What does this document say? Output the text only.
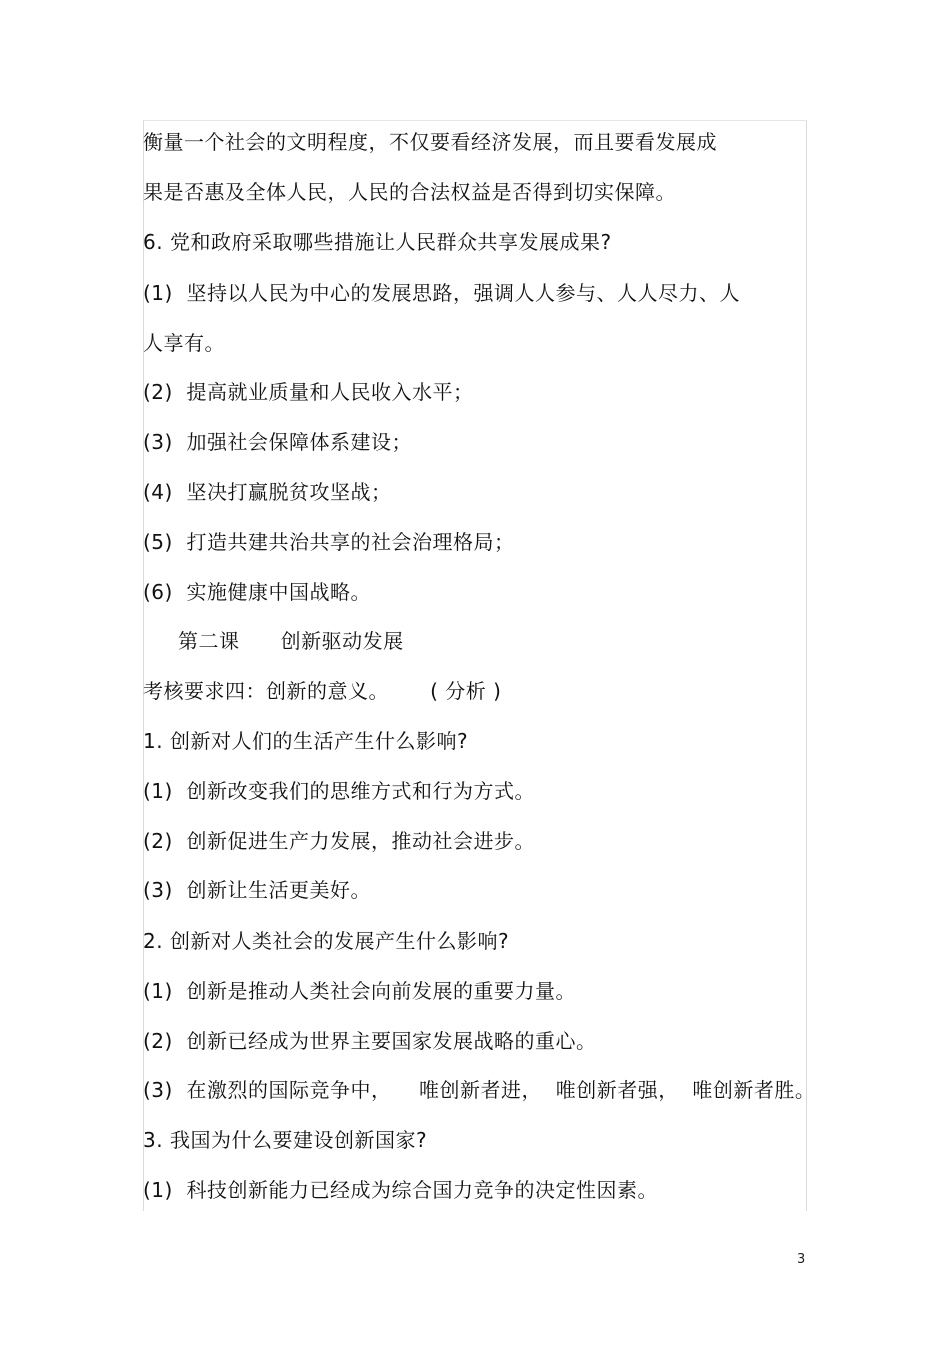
衡量一个社会的文明程度，不仅要看经济发展，而且要看发展成
果是否惠及全体人民，人民的合法权益是否得到切实保障。
6. 党和政府采取哪些措施让人民群众共享发展成果?
(1)  坚持以人民为中心的发展思路，强调人人参与、人人尽力、人
人享有。
(2)  提高就业质量和人民收入水平；
(3)  加强社会保障体系建设；
(4)  坚决打赢脱贫攻坚战；
(5)  打造共建共治共享的社会治理格局；
(6)  实施健康中国战略。
第二课      创新驱动发展
考核要求四：创新的意义。      ( 分析 )
1. 创新对人们的生活产生什么影响?
(1)  创新改变我们的思维方式和行为方式。
(2)  创新促进生产力发展，推动社会进步。
(3)  创新让生活更美好。
2. 创新对人类社会的发展产生什么影响?
(1)  创新是推动人类社会向前发展的重要力量。
(2)  创新已经成为世界主要国家发展战略的重心。
(3)  在激烈的国际竞争中，    唯创新者进，  唯创新者强，  唯创新者胜。
3. 我国为什么要建设创新国家?
(1)  科技创新能力已经成为综合国力竞争的决定性因素。
3
